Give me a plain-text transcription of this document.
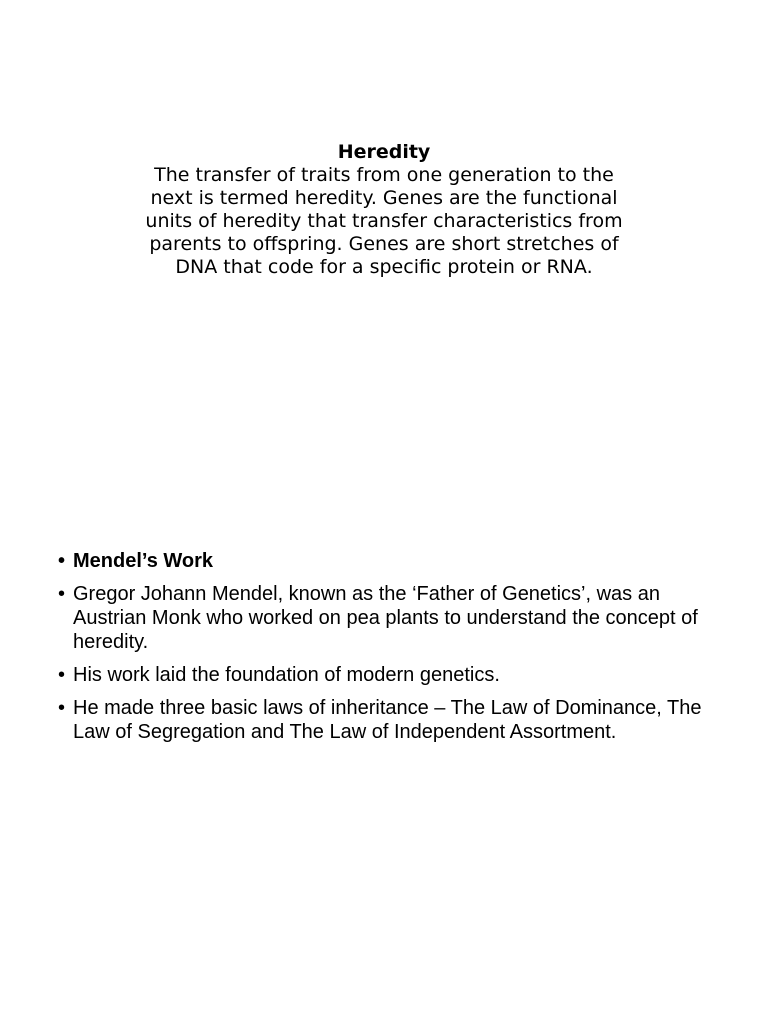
Heredity
The transfer of traits from one generation to the
next is termed heredity. Genes are the functional
units of heredity that transfer characteristics from
parents to offspring. Genes are short stretches of
DNA that code for a specific protein or RNA.
• Mendel’s Work
• Gregor Johann Mendel, known as the ‘Father of Genetics’, was an Austrian Monk who worked on pea plants to understand the concept of heredity.
• His work laid the foundation of modern genetics.
• He made three basic laws of inheritance – The Law of Dominance, The Law of Segregation and The Law of Independent Assortment.
